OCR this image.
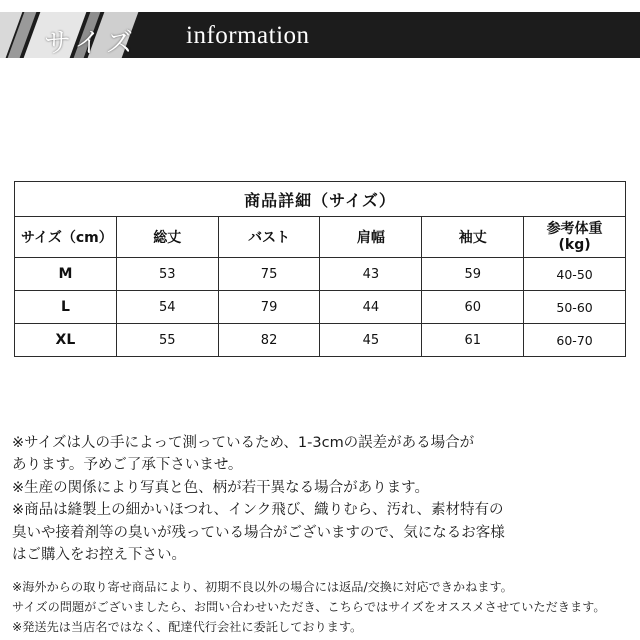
サイズ information
商品詳細（サイズ）					
サイズ（cm）	総丈	バスト	肩幅	袖丈	参考体重
(kg)

M	53	75	43	59	40-50
L	54	79	44	60	50-60
XL	55	82	45	61	60-70

※サイズは人の手によって測っているため、1-3cmの誤差がある場合が

あります。予めご了承下さいませ。

※生産の関係により写真と色、柄が若干異なる場合があります。

※商品は縫製上の細かいほつれ、インク飛び、織りむら、汚れ、素材特有の

臭いや接着剤等の臭いが残っている場合がございますので、気になるお客様

はご購入をお控え下さい。

※海外からの取り寄せ商品により、初期不良以外の場合には返品/交換に対応できかねます。

サイズの問題がございましたら、お問い合わせいただき、こちらではサイズをオススメさせていただきます。

※発送先は当店名ではなく、配達代行会社に委託しております。
